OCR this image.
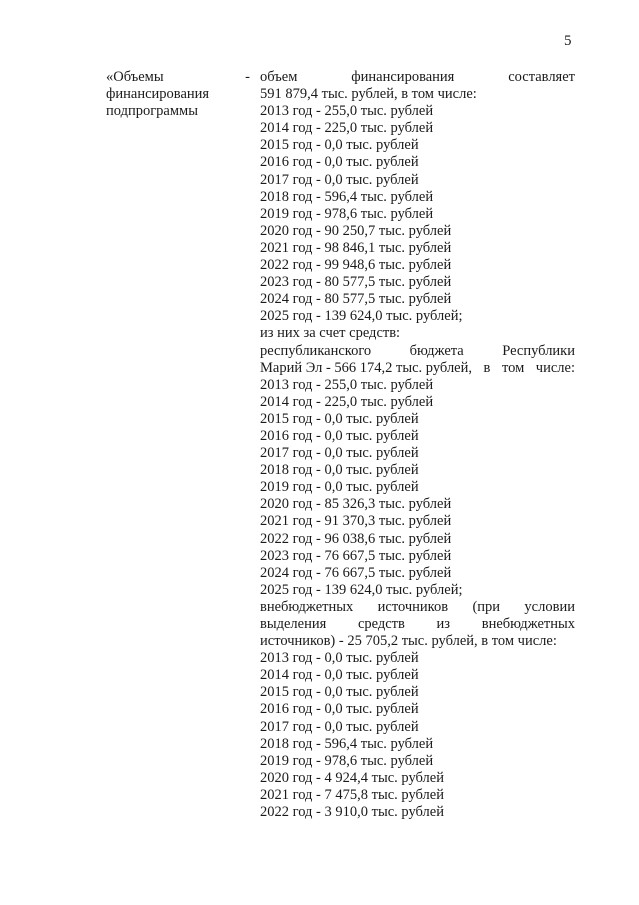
5
«Объемы	-
финансирования
подпрограммы
объем	финансирования	составляет
591 879,4 тыс. рублей, в том числе:
2013 год - 255,0 тыс. рублей
2014 год - 225,0 тыс. рублей
2015 год - 0,0 тыс. рублей
2016 год - 0,0 тыс. рублей
2017 год - 0,0 тыс. рублей
2018 год - 596,4 тыс. рублей
2019 год - 978,6 тыс. рублей
2020 год - 90 250,7 тыс. рублей
2021 год - 98 846,1 тыс. рублей
2022 год - 99 948,6 тыс. рублей
2023 год - 80 577,5 тыс. рублей
2024 год - 80 577,5 тыс. рублей
2025 год - 139 624,0 тыс. рублей;
из них за счет средств:
республиканского	бюджета	Республики
Марий Эл - 566 174,2 тыс. рублей, в том числе:
2013 год - 255,0 тыс. рублей
2014 год - 225,0 тыс. рублей
2015 год - 0,0 тыс. рублей
2016 год - 0,0 тыс. рублей
2017 год - 0,0 тыс. рублей
2018 год - 0,0 тыс. рублей
2019 год - 0,0 тыс. рублей
2020 год - 85 326,3 тыс. рублей
2021 год - 91 370,3 тыс. рублей
2022 год - 96 038,6 тыс. рублей
2023 год - 76 667,5 тыс. рублей
2024 год - 76 667,5 тыс. рублей
2025 год - 139 624,0 тыс. рублей;
внебюджетных источников (при условии
выделения средств из внебюджетных
источников) - 25 705,2 тыс. рублей, в том числе:
2013 год - 0,0 тыс. рублей
2014 год - 0,0 тыс. рублей
2015 год - 0,0 тыс. рублей
2016 год - 0,0 тыс. рублей
2017 год - 0,0 тыс. рублей
2018 год - 596,4 тыс. рублей
2019 год - 978,6 тыс. рублей
2020 год - 4 924,4 тыс. рублей
2021 год - 7 475,8 тыс. рублей
2022 год - 3 910,0 тыс. рублей
